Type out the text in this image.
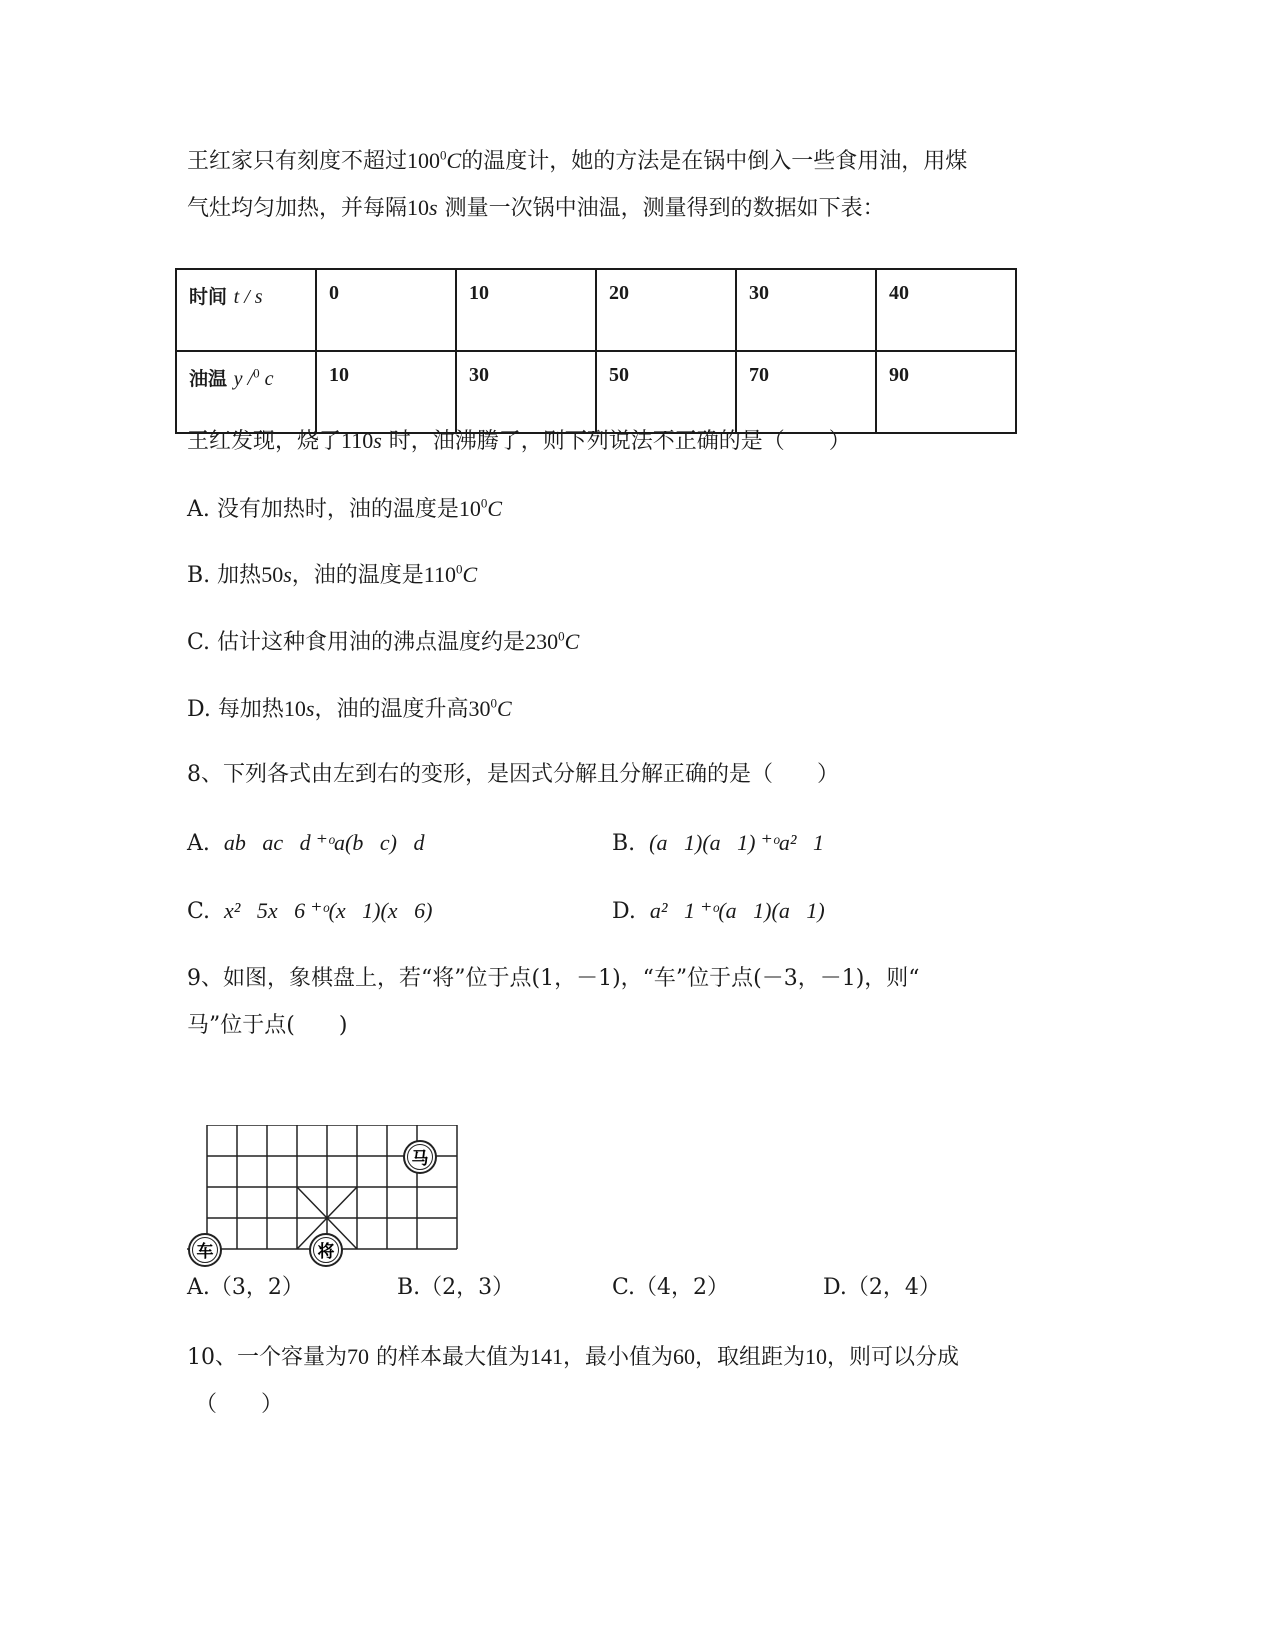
王红家只有刻度不超过$100^0C$的温度计，她的方法是在锅中倒入一些食用油，用煤
气灶均匀加热，并每隔10s 测量一次锅中油温，测量得到的数据如下表：
时间 t / s	0	10	20	30	40
油温 y /$^0$ c	10	30	50	70	90
王红发现，烧了110s 时，油沸腾了，则下列说法不正确的是（　　）
A. 没有加热时，油的温度是$10^0C$
B. 加热50s，油的温度是$110^0C$
C. 估计这种食用油的沸点温度约是$230^0C$
D. 每加热10s，油的温度升高$30^0C$
8、下列各式由左到右的变形，是因式分解且分解正确的是（　　）
A. ab   ac   d ⁺ᵒa(b   c)   d	B. (a   1)(a   1) ⁺ᵒa²   1
C. x²   5x   6 ⁺ᵒ(x   1)(x   6)	D. a²   1 ⁺ᵒ(a   1)(a   1)
9、如图，象棋盘上，若“将”位于点(1，－1)，“车”位于点(－3，－1)，则“
马”位于点(　　)
马
车	将
A.（3，2）	B.（2，3）	C.（4，2）	D.（2，4）
10、一个容量为70 的样本最大值为141，最小值为60，取组距为10，则可以分成
（　　）
